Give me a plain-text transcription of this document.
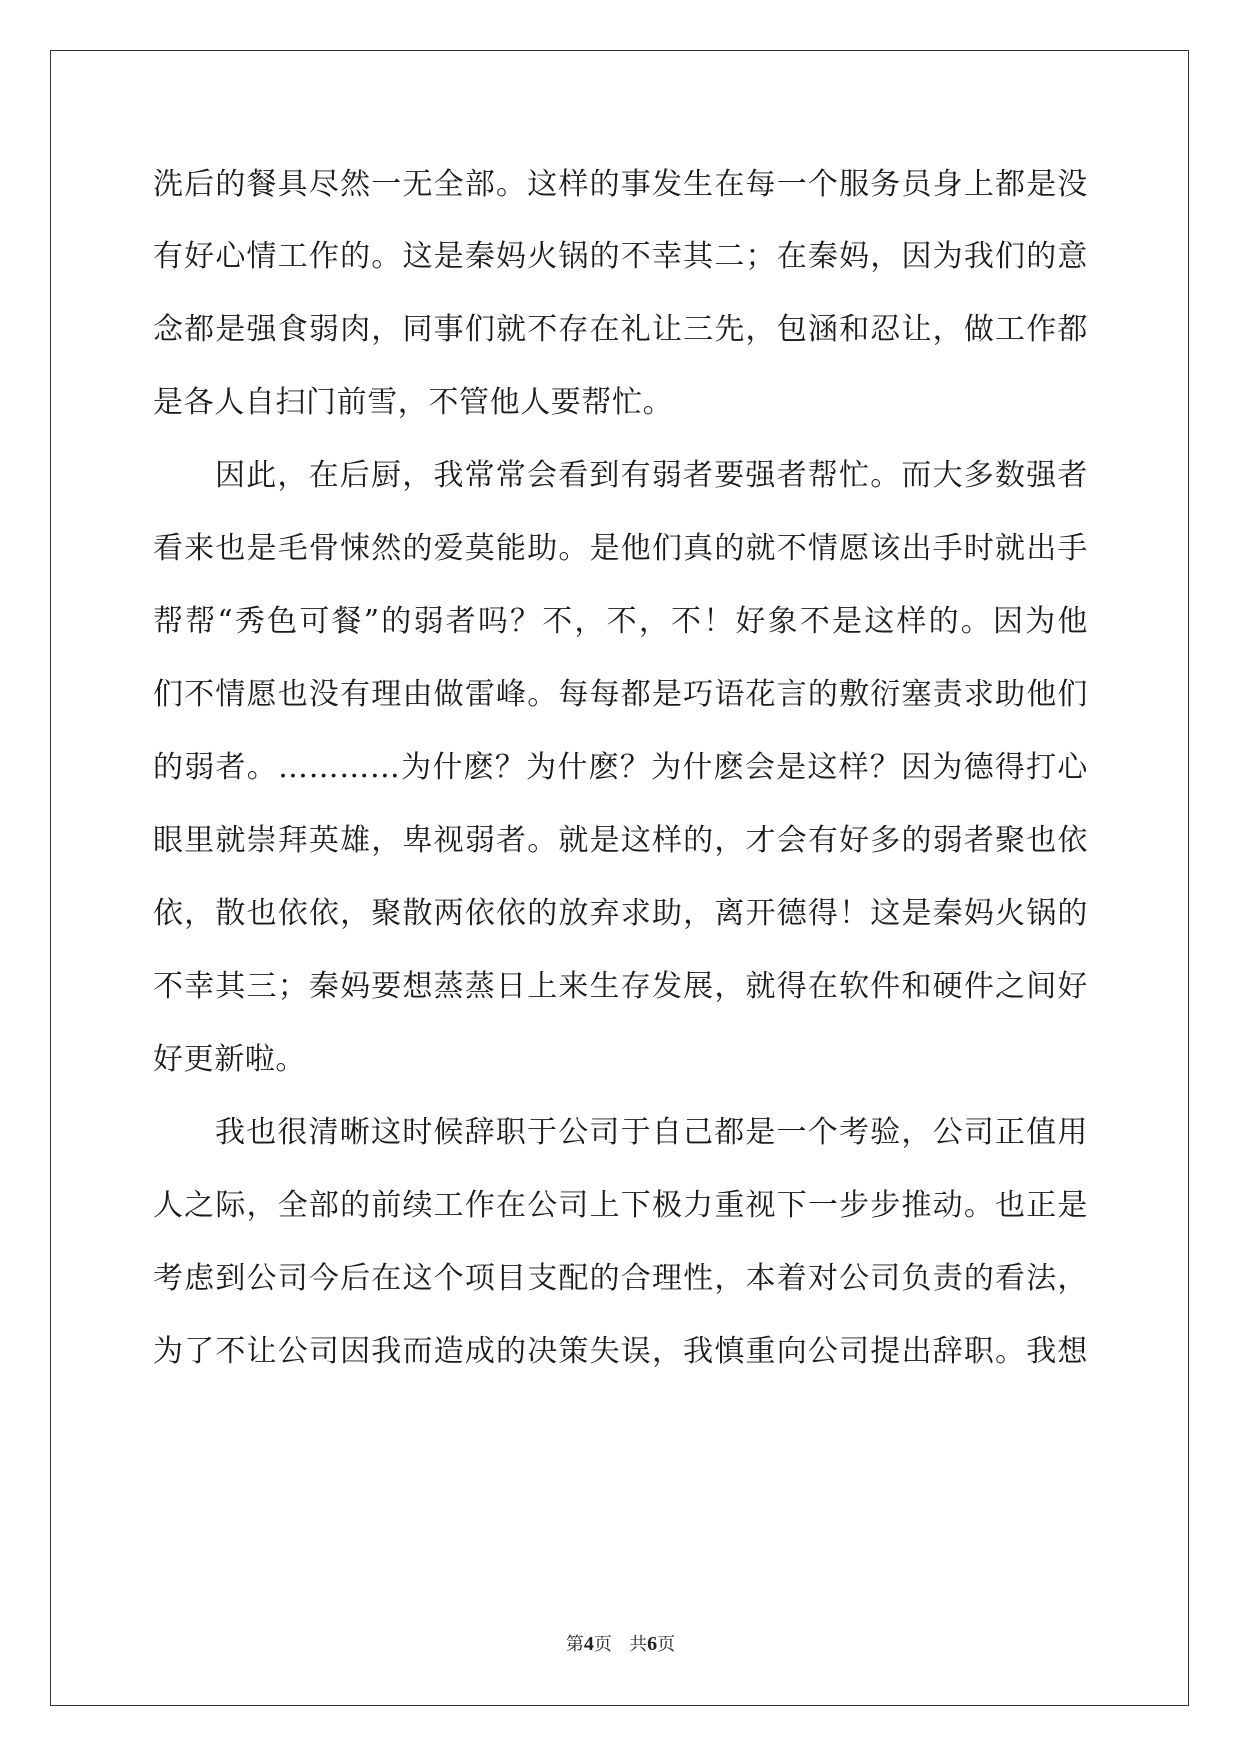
洗后的餐具尽然一无全部。这样的事发生在每一个服务员身上都是没
有好心情工作的。这是秦妈火锅的不幸其二；在秦妈，因为我们的意
念都是强食弱肉，同事们就不存在礼让三先，包涵和忍让，做工作都
是各人自扫门前雪，不管他人要帮忙。
因此，在后厨，我常常会看到有弱者要强者帮忙。而大多数强者
看来也是毛骨悚然的爱莫能助。是他们真的就不情愿该出手时就出手
帮帮“秀色可餐”的弱者吗？不，不，不！好象不是这样的。因为他
们不情愿也没有理由做雷峰。每每都是巧语花言的敷衍塞责求助他们
的弱者。…………为什麽？为什麽？为什麽会是这样？因为德得打心
眼里就崇拜英雄，卑视弱者。就是这样的，才会有好多的弱者聚也依
依，散也依依，聚散两依依的放弃求助，离开德得！这是秦妈火锅的
不幸其三；秦妈要想蒸蒸日上来生存发展，就得在软件和硬件之间好
好更新啦。
我也很清晰这时候辞职于公司于自己都是一个考验，公司正值用
人之际，全部的前续工作在公司上下极力重视下一步步推动。也正是
考虑到公司今后在这个项目支配的合理性，本着对公司负责的看法，
为了不让公司因我而造成的决策失误，我慎重向公司提出辞职。我想
第4页 共6页
